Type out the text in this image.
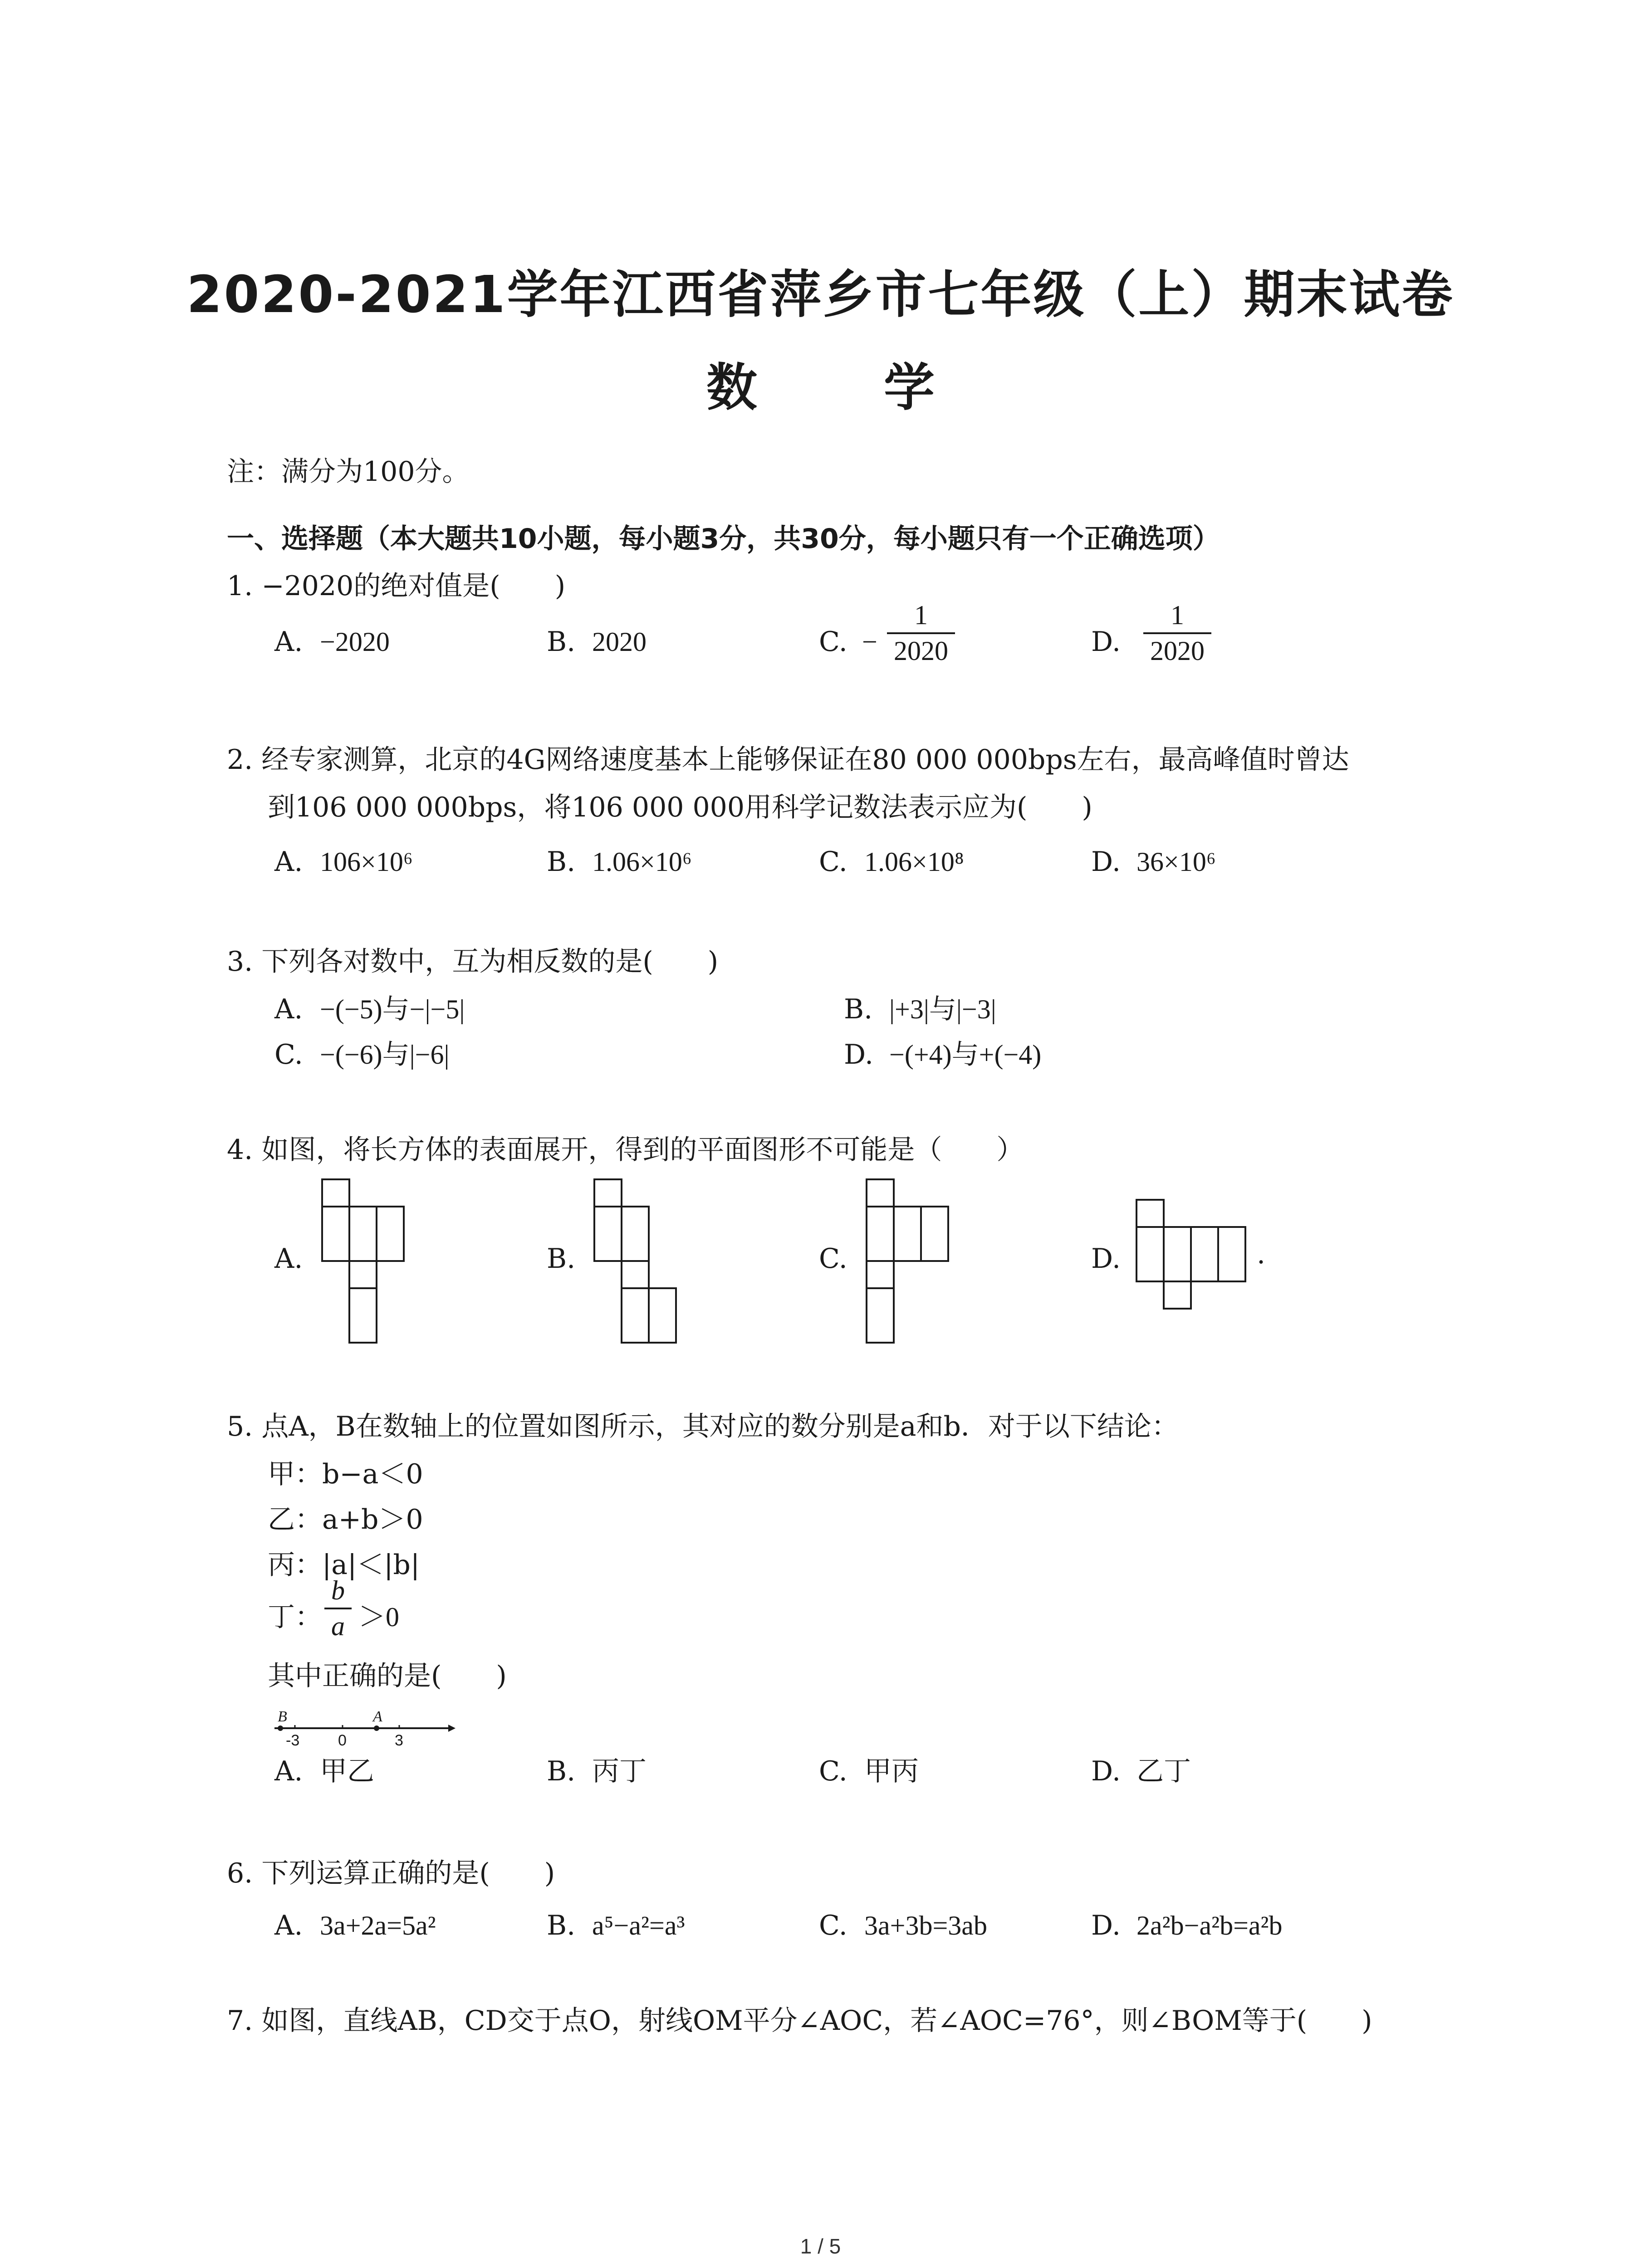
2020-2021学年江西省萍乡市七年级（上）期末试卷
数 学
注：满分为100分。
一、选择题（本大题共10小题，每小题3分，共30分，每小题只有一个正确选项）
1. −2020的绝对值是(　　)
A. −2020	B. 2020	C. −
1
2020	D.
1
2020
2. 经专家测算，北京的4G网络速度基本上能够保证在80 000 000bps左右，最高峰值时曾达
到106 000 000bps，将106 000 000用科学记数法表示应为(　　)
A. 106×10⁶	B. 1.06×10⁶	C. 1.06×10⁸	D. 36×10⁶
3. 下列各对数中，互为相反数的是(　　)
A. −(−5)与−|−5|	B. |+3|与|−3|
C. −(−6)与|−6|	D. −(+4)与+(−4)
4. 如图，将长方体的表面展开，得到的平面图形不可能是（　　）
A.	B.	C.	D.	.
5. 点A，B在数轴上的位置如图所示，其对应的数分别是a和b．对于以下结论：
甲：b−a＜0
乙：a+b＞0
丙：|a|＜|b|
丁：
b
a ＞0
其中正确的是(　　)
B	A
-3 0	3
A. 甲乙	B. 丙丁	C. 甲丙	D. 乙丁
6. 下列运算正确的是(　　)
A. 3a+2a=5a²	B. a⁵−a²=a³	C. 3a+3b=3ab	D. 2a²b−a²b=a²b
7. 如图，直线AB，CD交于点O，射线OM平分∠AOC，若∠AOC=76°，则∠BOM等于(　　)
1 / 5
